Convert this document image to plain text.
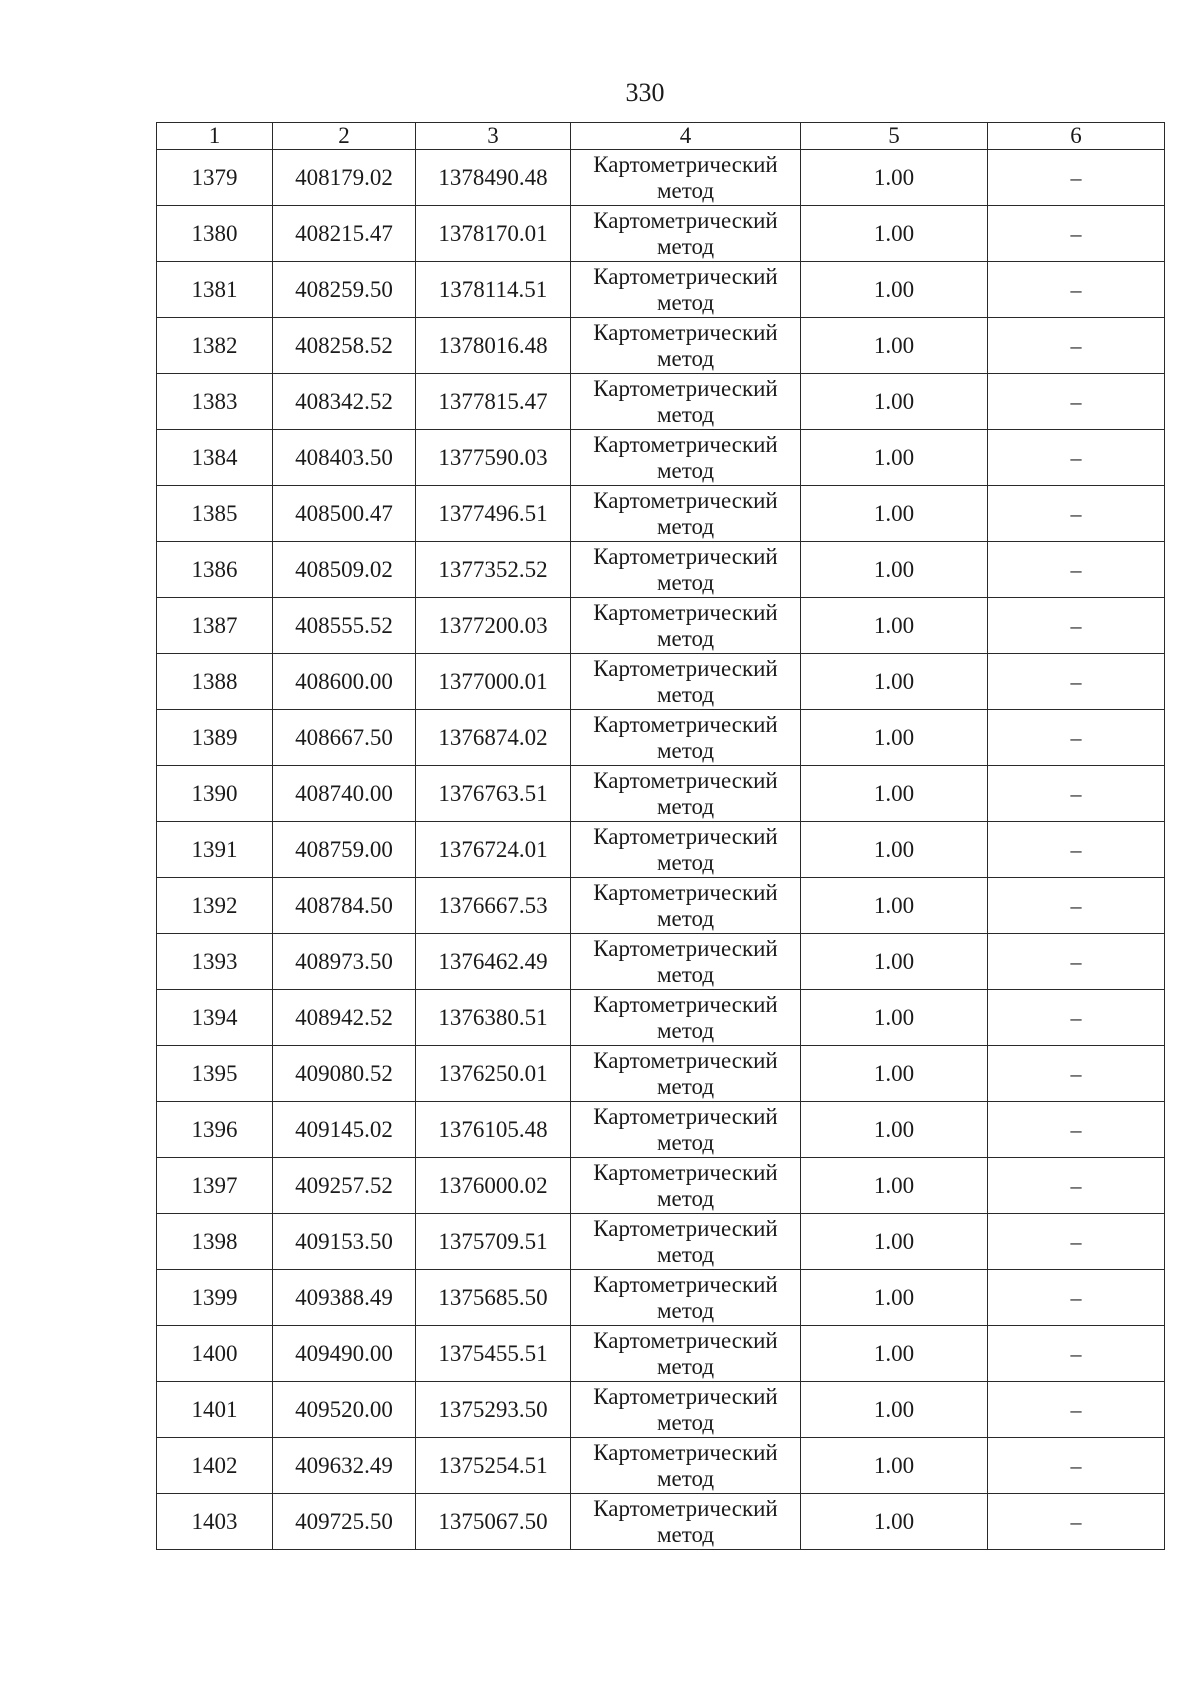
330
1	2	3	4	5	6
1379	408179.02	1378490.48	Картометрический
метод	1.00	–
1380	408215.47	1378170.01	Картометрический
метод	1.00	–
1381	408259.50	1378114.51	Картометрический
метод	1.00	–
1382	408258.52	1378016.48	Картометрический
метод	1.00	–
1383	408342.52	1377815.47	Картометрический
метод	1.00	–
1384	408403.50	1377590.03	Картометрический
метод	1.00	–
1385	408500.47	1377496.51	Картометрический
метод	1.00	–
1386	408509.02	1377352.52	Картометрический
метод	1.00	–
1387	408555.52	1377200.03	Картометрический
метод	1.00	–
1388	408600.00	1377000.01	Картометрический
метод	1.00	–
1389	408667.50	1376874.02	Картометрический
метод	1.00	–
1390	408740.00	1376763.51	Картометрический
метод	1.00	–
1391	408759.00	1376724.01	Картометрический
метод	1.00	–
1392	408784.50	1376667.53	Картометрический
метод	1.00	–
1393	408973.50	1376462.49	Картометрический
метод	1.00	–
1394	408942.52	1376380.51	Картометрический
метод	1.00	–
1395	409080.52	1376250.01	Картометрический
метод	1.00	–
1396	409145.02	1376105.48	Картометрический
метод	1.00	–
1397	409257.52	1376000.02	Картометрический
метод	1.00	–
1398	409153.50	1375709.51	Картометрический
метод	1.00	–
1399	409388.49	1375685.50	Картометрический
метод	1.00	–
1400	409490.00	1375455.51	Картометрический
метод	1.00	–
1401	409520.00	1375293.50	Картометрический
метод	1.00	–
1402	409632.49	1375254.51	Картометрический
метод	1.00	–
1403	409725.50	1375067.50	Картометрический
метод	1.00	–
